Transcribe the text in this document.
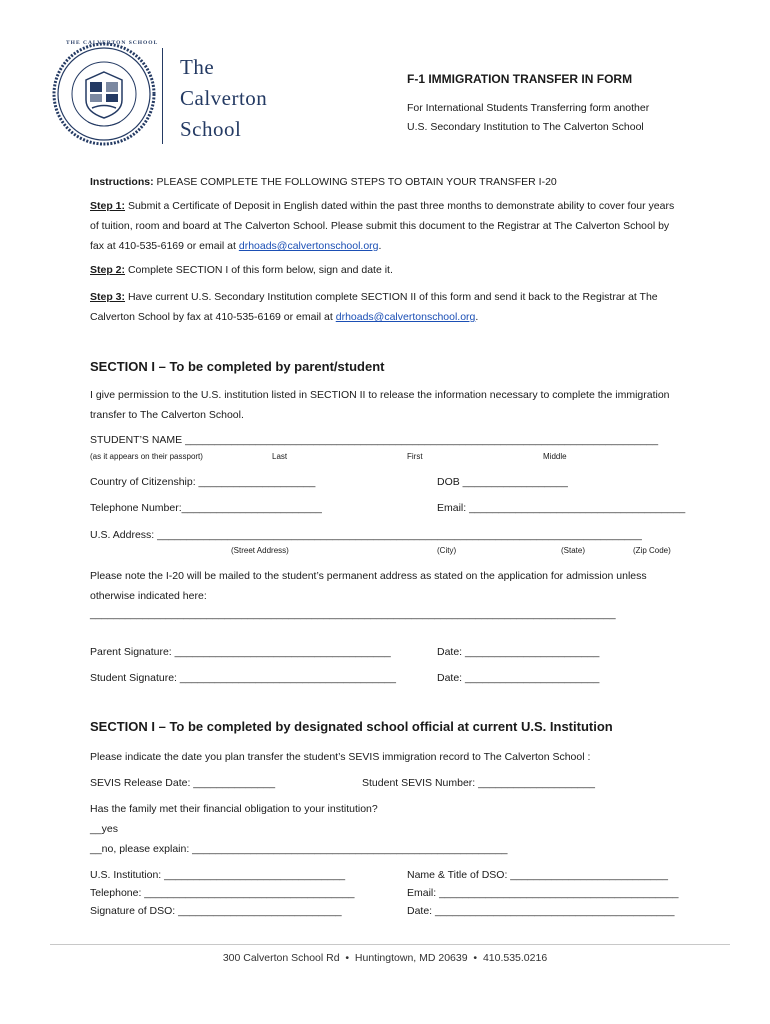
THE CALVERTON SCHOOL
The
Calverton
School
F-1 IMMIGRATION TRANSFER IN FORM
For International Students Transferring form another
U.S. Secondary Institution to The Calverton School
Instructions: PLEASE COMPLETE THE FOLLOWING STEPS TO OBTAIN YOUR TRANSFER I-20
Step 1: Submit a Certificate of Deposit in English dated within the past three months to demonstrate ability to cover four years of tuition, room and board at The Calverton School. Please submit this document to the Registrar at The Calverton School by fax at 410-535-6169 or email at drhoads@calvertonschool.org.
Step 2: Complete SECTION I of this form below, sign and date it.
Step 3: Have current U.S. Secondary Institution complete SECTION II of this form and send it back to the Registrar at The Calverton School by fax at 410-535-6169 or email at drhoads@calvertonschool.org.
SECTION I – To be completed by parent/student
I give permission to the U.S. institution listed in SECTION II to release the information necessary to complete the immigration transfer to The Calverton School.
STUDENT’S NAME _________________________________________________________________________________
(as it appears on their passport)	Last	First	Middle
Country of Citizenship: ____________________	DOB __________________
Telephone Number:________________________	Email: _____________________________________
U.S. Address: ___________________________________________________________________________________
(Street Address)	(City)	(State)	(Zip Code)
Please note the I-20 will be mailed to the student’s permanent address as stated on the application for admission unless otherwise indicated here:
__________________________________________________________________________________________
Parent Signature: _____________________________________	Date: _______________________
Student Signature: _____________________________________	Date: _______________________
SECTION I – To be completed by designated school official at current U.S. Institution
Please indicate the date you plan transfer the student’s SEVIS immigration record to The Calverton School :
SEVIS Release Date: ______________	Student SEVIS Number: ____________________
Has the family met their financial obligation to your institution?
__yes
__no, please explain: ______________________________________________________
U.S. Institution: _______________________________	Name & Title of DSO: ___________________________
Telephone: ____________________________________	Email: _________________________________________
Signature of DSO: ____________________________	Date: _________________________________________
300 Calverton School Rd  •  Huntingtown, MD 20639  •  410.535.0216
